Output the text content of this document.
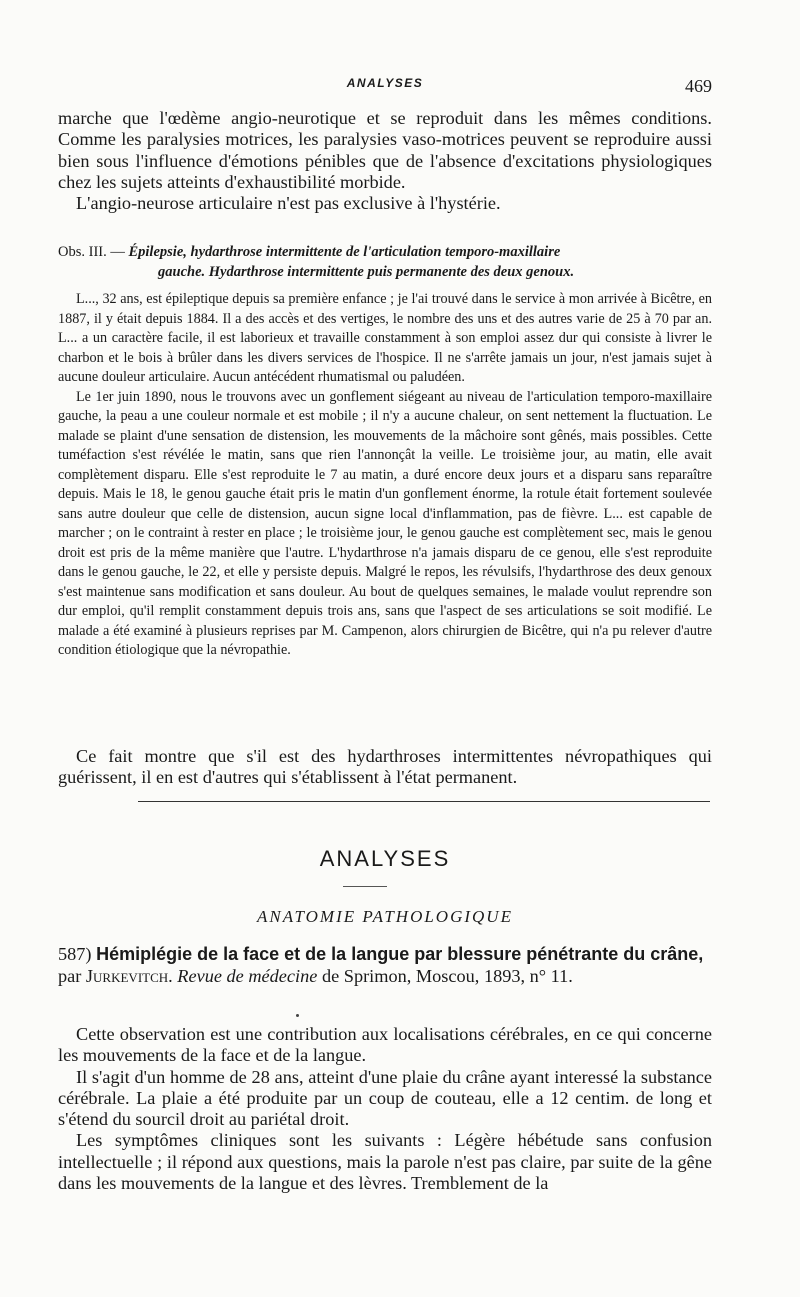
ANALYSES	469

marche que l'œdème angio-neurotique et se reproduit dans les mêmes conditions. Comme les paralysies motrices, les paralysies vaso-motrices peuvent se reproduire aussi bien sous l'influence d'émotions pénibles que de l'absence d'excitations physiologiques chez les sujets atteints d'exhaustibilité morbide.

L'angio-neurose articulaire n'est pas exclusive à l'hystérie.

Obs. III. — Épilepsie, hydarthrose intermittente de l'articulation temporo-maxillaire
gauche. Hydarthrose intermittente puis permanente des deux genoux.

L..., 32 ans, est épileptique depuis sa première enfance ; je l'ai trouvé dans le service à mon arrivée à Bicêtre, en 1887, il y était depuis 1884. Il a des accès et des vertiges, le nombre des uns et des autres varie de 25 à 70 par an. L... a un caractère facile, il est laborieux et travaille constamment à son emploi assez dur qui consiste à livrer le charbon et le bois à brûler dans les divers services de l'hospice. Il ne s'arrête jamais un jour, n'est jamais sujet à aucune douleur articulaire. Aucun antécédent rhumatismal ou paludéen.

Le 1er juin 1890, nous le trouvons avec un gonflement siégeant au niveau de l'articulation temporo-maxillaire gauche, la peau a une couleur normale et est mobile ; il n'y a aucune chaleur, on sent nettement la fluctuation. Le malade se plaint d'une sensation de distension, les mouvements de la mâchoire sont gênés, mais possibles. Cette tuméfaction s'est révélée le matin, sans que rien l'annonçât la veille. Le troisième jour, au matin, elle avait complètement disparu. Elle s'est reproduite le 7 au matin, a duré encore deux jours et a disparu sans reparaître depuis. Mais le 18, le genou gauche était pris le matin d'un gonflement énorme, la rotule était fortement soulevée sans autre douleur que celle de distension, aucun signe local d'inflammation, pas de fièvre. L... est capable de marcher ; on le contraint à rester en place ; le troisième jour, le genou gauche est complètement sec, mais le genou droit est pris de la même manière que l'autre. L'hydarthrose n'a jamais disparu de ce genou, elle s'est reproduite dans le genou gauche, le 22, et elle y persiste depuis. Malgré le repos, les révulsifs, l'hydarthrose des deux genoux s'est maintenue sans modification et sans douleur. Au bout de quelques semaines, le malade voulut reprendre son dur emploi, qu'il remplit constamment depuis trois ans, sans que l'aspect de ses articulations se soit modifié. Le malade a été examiné à plusieurs reprises par M. Campenon, alors chirurgien de Bicêtre, qui n'a pu relever d'autre condition étiologique que la névropathie.

Ce fait montre que s'il est des hydarthroses intermittentes névropathiques qui guérissent, il en est d'autres qui s'établissent à l'état permanent.

ANALYSES
ANATOMIE PATHOLOGIQUE
587) Hémiplégie de la face et de la langue par blessure pénétrante du crâne, par Jurkevitch. Revue de médecine de Sprimon, Moscou, 1893, n° 11.

Cette observation est une contribution aux localisations cérébrales, en ce qui concerne les mouvements de la face et de la langue.

Il s'agit d'un homme de 28 ans, atteint d'une plaie du crâne ayant interessé la substance cérébrale. La plaie a été produite par un coup de couteau, elle a 12 centim. de long et s'étend du sourcil droit au pariétal droit.

Les symptômes cliniques sont les suivants : Légère hébétude sans confusion intellectuelle ; il répond aux questions, mais la parole n'est pas claire, par suite de la gêne dans les mouvements de la langue et des lèvres. Tremblement de la
